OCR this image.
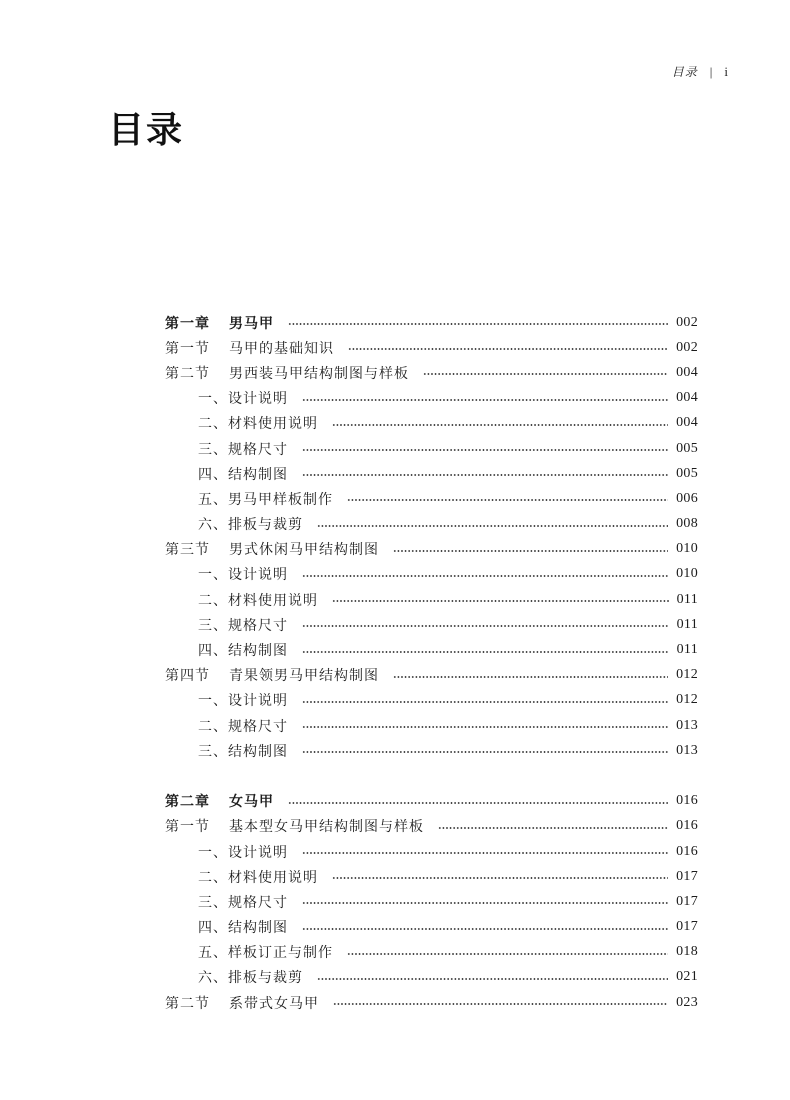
目录 | i
目录
第一章 男马甲	002
第一节 马甲的基础知识	002
第二节 男西装马甲结构制图与样板	004
一、设计说明	004
二、材料使用说明	004
三、规格尺寸	005
四、结构制图	005
五、男马甲样板制作	006
六、排板与裁剪	008
第三节 男式休闲马甲结构制图	010
一、设计说明	010
二、材料使用说明	011
三、规格尺寸	011
四、结构制图	011
第四节 青果领男马甲结构制图	012
一、设计说明	012
二、规格尺寸	013
三、结构制图	013
第二章 女马甲	016
第一节 基本型女马甲结构制图与样板	016
一、设计说明	016
二、材料使用说明	017
三、规格尺寸	017
四、结构制图	017
五、样板订正与制作	018
六、排板与裁剪	021
第二节 系带式女马甲	023
